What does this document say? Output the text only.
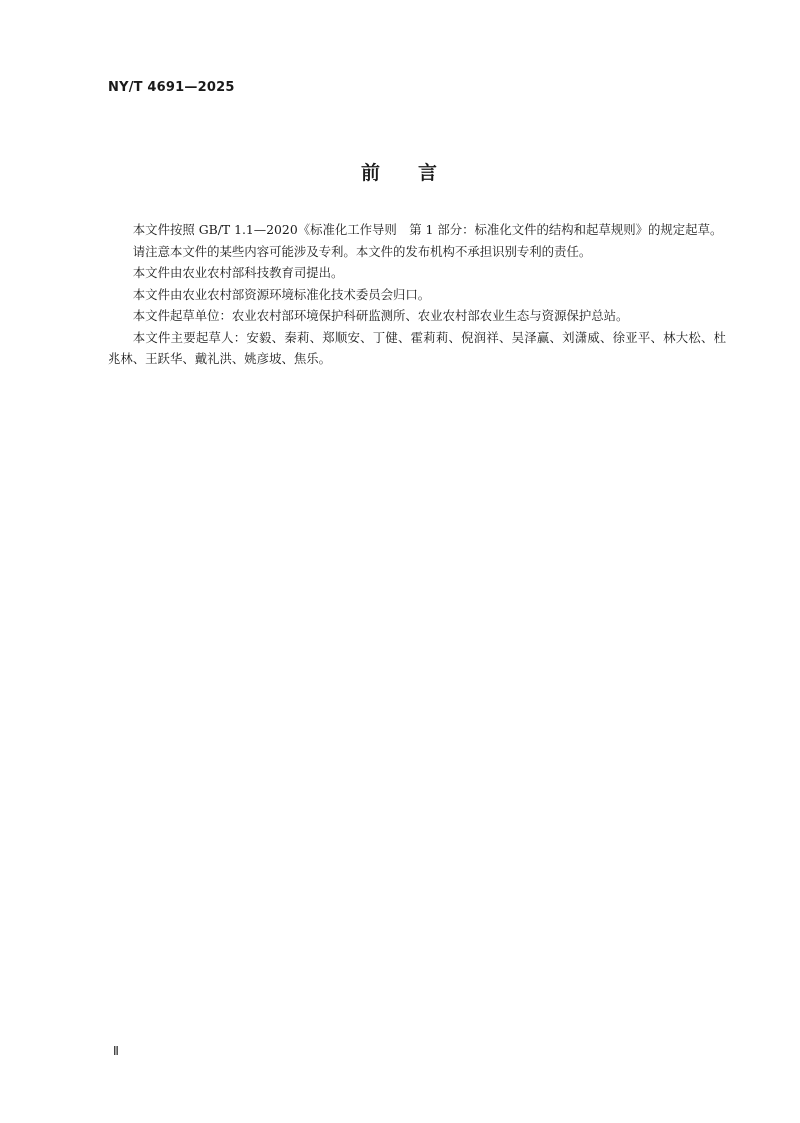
NY/T 4691—2025
前 言

本文件按照 GB/T 1.1—2020《标准化工作导则　第 1 部分：标准化文件的结构和起草规则》的规定起草。

请注意本文件的某些内容可能涉及专利。本文件的发布机构不承担识别专利的责任。

本文件由农业农村部科技教育司提出。

本文件由农业农村部资源环境标准化技术委员会归口。

本文件起草单位：农业农村部环境保护科研监测所、农业农村部农业生态与资源保护总站。

本文件主要起草人：安毅、秦莉、郑顺安、丁健、霍莉莉、倪润祥、吴泽赢、刘潇威、徐亚平、林大松、杜兆林、王跃华、戴礼洪、姚彦坡、焦乐。

Ⅱ
